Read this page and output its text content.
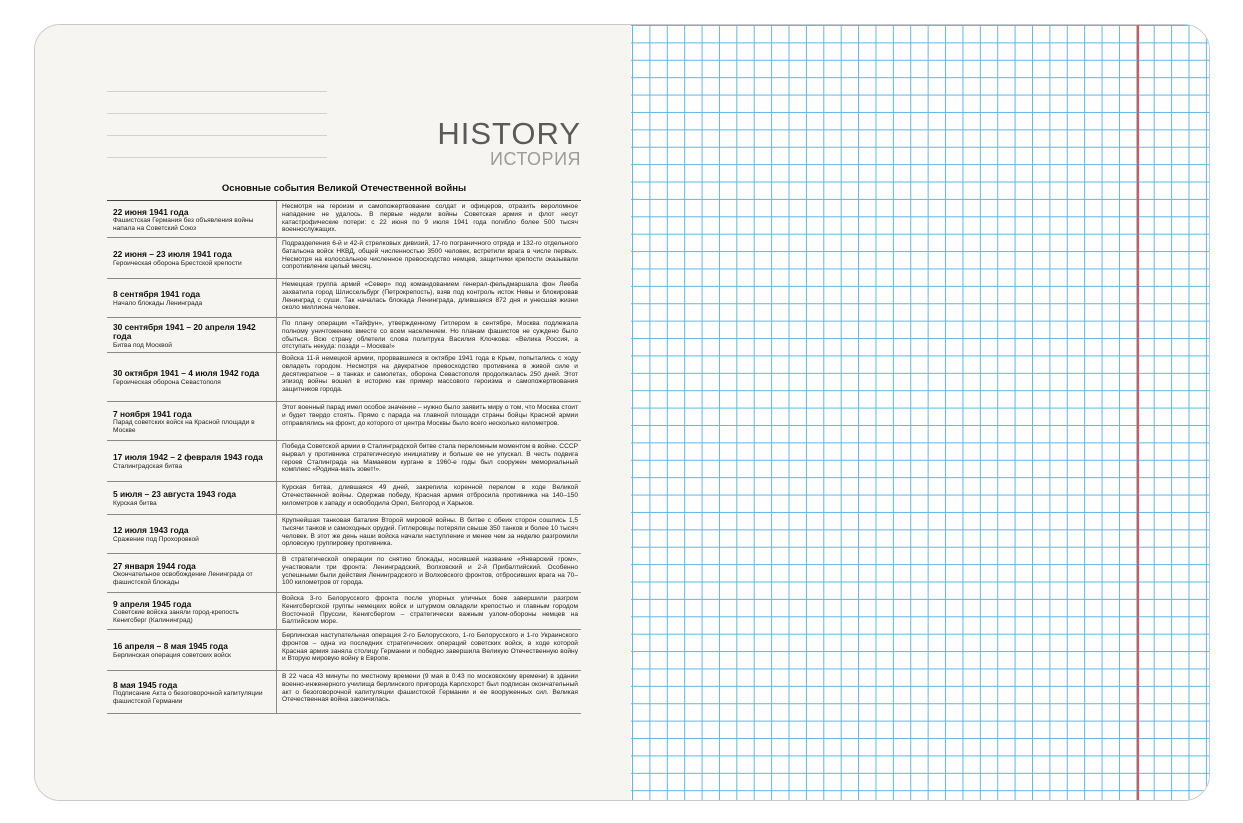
HISTORY
ИСТОРИЯ
Основные события Великой Отечественной войны
22 июня 1941 года
Фашистская Германия без объявления войны напала на Советский Союз
Несмотря на героизм и самопожертвование солдат и офицеров, отразить вероломное нападение не удалось. В первые недели войны Советская армия и флот несут катастрофические потери: с 22 июня по 9 июля 1941 года погибло более 500 тысяч военнослужащих.
22 июня – 23 июля 1941 года
Героическая оборона Брестской крепости
Подразделения 6-й и 42-й стрелковых дивизий, 17-го пограничного отряда и 132-го отдельного батальона войск НКВД, общей численностью 3500 человек, встретили врага в числе первых. Несмотря на колоссальное численное превосходство немцев, защитники крепости оказывали сопротивление целый месяц.
8 сентября 1941 года
Начало блокады Ленинграда
Немецкая группа армий «Север» под командованием генерал-фельдмаршала фон Лееба захватила город Шлиссельбург (Петрокрепость), взяв под контроль исток Невы и блокировав Ленинград с суши. Так началась блокада Ленинграда, длившаяся 872 дня и унесшая жизни около миллиона человек.
30 сентября 1941 – 20 апреля 1942 года
Битва под Москвой
По плану операции «Тайфун», утвержденному Гитлером в сентябре, Москва подлежала полному уничтожению вместе со всем населением. Но планам фашистов не суждено было сбыться. Всю страну облетели слова политрука Василия Клочкова: «Велика Россия, а отступать некуда: позади – Москва!»
30 октября 1941 – 4 июля 1942 года
Героическая оборона Севастополя
Войска 11-й немецкой армии, прорвавшиеся в октябре 1941 года в Крым, попытались с ходу овладеть городом. Несмотря на двукратное превосходство противника в живой силе и десятикратное – в танках и самолетах, оборона Севастополя продолжалась 250 дней. Этот эпизод войны вошел в историю как пример массового героизма и самопожертвования защитников города.
7 ноября 1941 года
Парад советских войск на Красной площади в Москве
Этот военный парад имел особое значение – нужно было заявить миру о том, что Москва стоит и будет твердо стоять. Прямо с парада на главной площади страны бойцы Красной армии отправлялись на фронт, до которого от центра Москвы было всего несколько километров.
17 июля 1942 – 2 февраля 1943 года
Сталинградская битва
Победа Советской армии в Сталинградской битве стала переломным моментом в войне. СССР вырвал у противника стратегическую инициативу и больше ее не упускал. В честь подвига героев Сталинграда на Мамаевом кургане в 1960-е годы был сооружен мемориальный комплекс «Родина-мать зовет!».
5 июля – 23 августа 1943 года
Курская битва
Курская битва, длившаяся 49 дней, закрепила коренной перелом в ходе Великой Отечественной войны. Одержав победу, Красная армия отбросила противника на 140–150 километров к западу и освободила Орел, Белгород и Харьков.
12 июля 1943 года
Сражение под Прохоровкой
Крупнейшая танковая баталия Второй мировой войны. В битве с обеих сторон сошлись 1,5 тысячи танков и самоходных орудий. Гитлеровцы потеряли свыше 350 танков и более 10 тысяч человек. В этот же день наши войска начали наступление и менее чем за неделю разгромили орловскую группировку противника.
27 января 1944 года
Окончательное освобождение Ленинграда от фашистской блокады
В стратегической операции по снятию блокады, носившей название «Январский гром», участвовали три фронта: Ленинградский, Волховский и 2-й Прибалтийский. Особенно успешными были действия Ленинградского и Волховского фронтов, отбросивших врага на 70–100 километров от города.
9 апреля 1945 года
Советские войска заняли город-крепость Кенигсберг (Калининград)
Войска 3-го Белорусского фронта после упорных уличных боев завершили разгром Кенигсбергской группы немецких войск и штурмом овладели крепостью и главным городом Восточной Пруссии, Кенигсбергом – стратегически важным узлом-обороны немцев на Балтийском море.
16 апреля – 8 мая 1945 года
Берлинская операция советских войск
Берлинская наступательная операция 2-го Белорусского, 1-го Белорусского и 1-го Украинского фронтов – одна из последних стратегических операций советских войск, в ходе которой Красная армия заняла столицу Германии и победно завершила Великую Отечественную войну и Вторую мировую войну в Европе.
8 мая 1945 года
Подписание Акта о безоговорочной капитуляции фашистской Германии
В 22 часа 43 минуты по местному времени (9 мая в 0:43 по московскому времени) в здании военно-инженерного училища берлинского пригорода Карлсхорст был подписан окончательный акт о безоговорочной капитуляции фашистской Германии и ее вооруженных сил. Великая Отечественная война закончилась.
